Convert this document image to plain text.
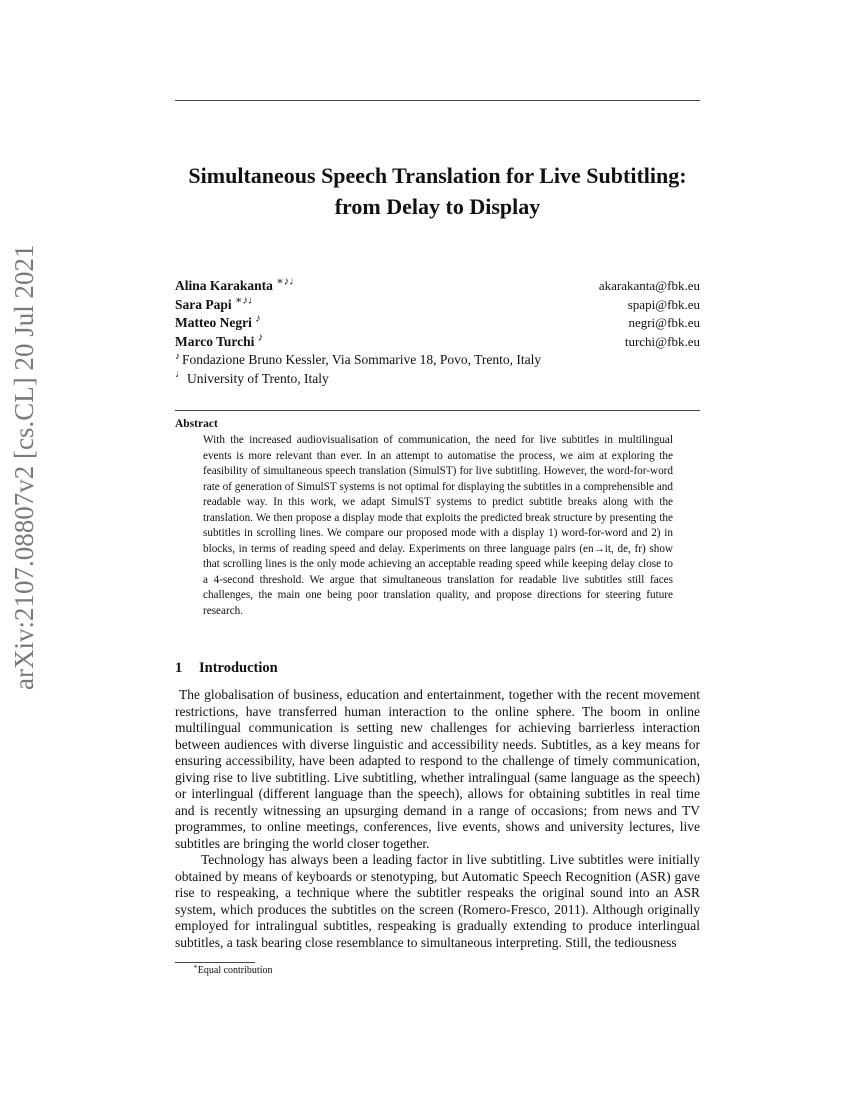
arXiv:2107.08807v2 [cs.CL] 20 Jul 2021
Simultaneous Speech Translation for Live Subtitling: from Delay to Display
Alina Karakanta ∗♪♩	akarakanta@fbk.eu
Sara Papi ∗♪♩	spapi@fbk.eu
Matteo Negri ♪	negri@fbk.eu
Marco Turchi ♪	turchi@fbk.eu
♪ Fondazione Bruno Kessler, Via Sommarive 18, Povo, Trento, Italy
♩ University of Trento, Italy
Abstract

With the increased audiovisualisation of communication, the need for live subtitles in multilingual events is more relevant than ever. In an attempt to automatise the process, we aim at exploring the feasibility of simultaneous speech translation (SimulST) for live subtitling. However, the word-for-word rate of generation of SimulST systems is not optimal for displaying the subtitles in a comprehensible and readable way. In this work, we adapt SimulST systems to predict subtitle breaks along with the translation. We then propose a display mode that exploits the predicted break structure by presenting the subtitles in scrolling lines. We compare our proposed mode with a display 1) word-for-word and 2) in blocks, in terms of reading speed and delay. Experiments on three language pairs (en→it, de, fr) show that scrolling lines is the only mode achieving an acceptable reading speed while keeping delay close to a 4-second threshold. We argue that simultaneous translation for readable live subtitles still faces challenges, the main one being poor translation quality, and propose directions for steering future research.

1 Introduction

The globalisation of business, education and entertainment, together with the recent movement restrictions, have transferred human interaction to the online sphere. The boom in online multilingual communication is setting new challenges for achieving barrierless interaction between audiences with diverse linguistic and accessibility needs. Subtitles, as a key means for ensuring accessibility, have been adapted to respond to the challenge of timely communication, giving rise to live subtitling. Live subtitling, whether intralingual (same language as the speech) or interlingual (different language than the speech), allows for obtaining subtitles in real time and is recently witnessing an upsurging demand in a range of occasions; from news and TV programmes, to online meetings, conferences, live events, shows and university lectures, live subtitles are bringing the world closer together.

Technology has always been a leading factor in live subtitling. Live subtitles were initially obtained by means of keyboards or stenotyping, but Automatic Speech Recognition (ASR) gave rise to respeaking, a technique where the subtitler respeaks the original sound into an ASR system, which produces the subtitles on the screen (Romero-Fresco, 2011). Although originally employed for intralingual subtitles, respeaking is gradually extending to produce interlingual subtitles, a task bearing close resemblance to simultaneous interpreting. Still, the tediousness

∗Equal contribution
